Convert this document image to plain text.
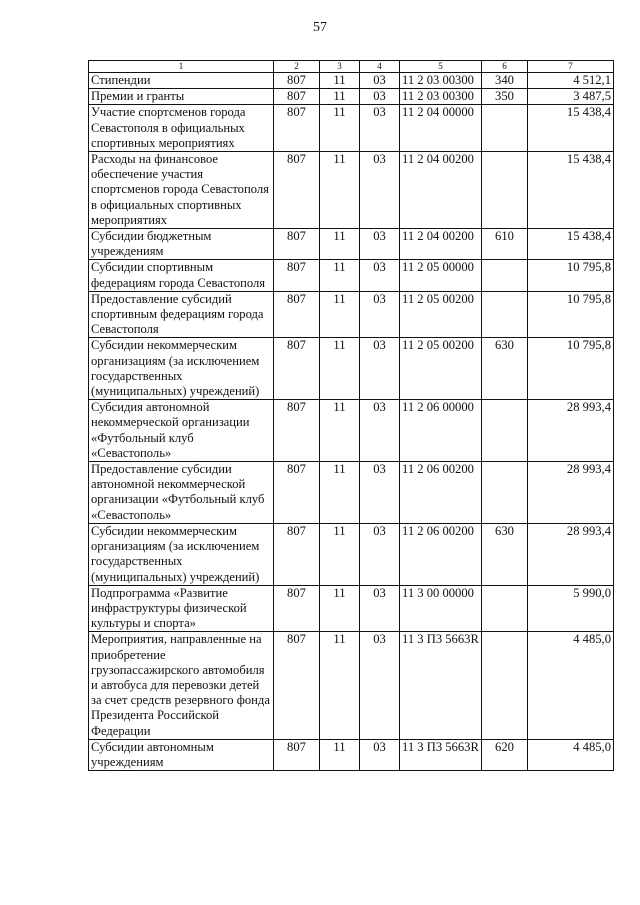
57
1	2	3	4	5	6	7
Стипендии	807	11	03	11 2 03 00300	340	4 512,1
Премии и гранты	807	11	03	11 2 03 00300	350	3 487,5
Участие спортсменов города Севастополя в официальных спортивных мероприятиях	807	11	03	11 2 04 00000		15 438,4
Расходы на финансовое обеспечение участия спортсменов города Севастополя в официальных спортивных мероприятиях	807	11	03	11 2 04 00200		15 438,4
Субсидии бюджетным учреждениям	807	11	03	11 2 04 00200	610	15 438,4
Субсидии спортивным федерациям города Севастополя	807	11	03	11 2 05 00000		10 795,8
Предоставление субсидий спортивным федерациям города Севастополя	807	11	03	11 2 05 00200		10 795,8
Субсидии некоммерческим организациям (за исключением государственных (муниципальных) учреждений)	807	11	03	11 2 05 00200	630	10 795,8
Субсидия автономной некоммерческой организации «Футбольный клуб «Севастополь»	807	11	03	11 2 06 00000		28 993,4
Предоставление субсидии автономной некоммерческой организации «Футбольный клуб «Севастополь»	807	11	03	11 2 06 00200		28 993,4
Субсидии некоммерческим организациям (за исключением государственных (муниципальных) учреждений)	807	11	03	11 2 06 00200	630	28 993,4
Подпрограмма «Развитие инфраструктуры физической культуры и спорта»	807	11	03	11 3 00 00000		5 990,0
Мероприятия, направленные на приобретение грузопассажирского автомобиля и автобуса для перевозки детей за счет средств резервного фонда Президента Российской Федерации	807	11	03	11 3 П3 5663R		4 485,0
Субсидии автономным учреждениям	807	11	03	11 3 П3 5663R	620	4 485,0
